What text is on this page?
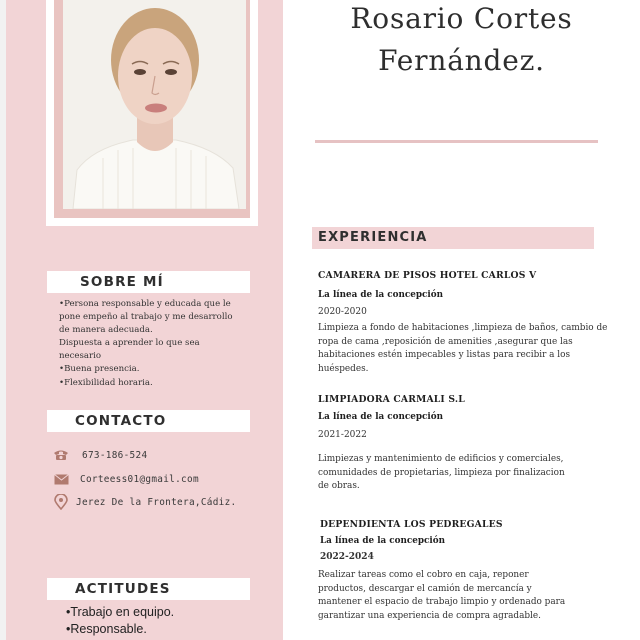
SOBRE MÍ
•Persona responsable y educada que le
pone empeño al trabajo y me desarrollo
de manera adecuada.
Dispuesta a aprender lo que sea
necesario
•Buena presencia.
•Flexibilidad horaria.
CONTACTO
673-186-524
Corteess01@gmail.com
Jerez De la Frontera,Cádiz.
ACTITUDES
•Trabajo en equipo.
•Responsable.
Rosario Cortes
Fernández.
EXPERIENCIA
CAMARERA DE PISOS HOTEL CARLOS V
La línea de la concepción
2020-2020
Limpieza a fondo de habitaciones ,limpieza de baños, cambio de
ropa de cama ,reposición de amenities ,asegurar que las
habitaciones estén impecables y listas para recibir a los
huéspedes.
LIMPIADORA CARMALI S.L
La línea de la concepción
2021-2022
Limpiezas y mantenimiento de edificios y comerciales,
comunidades de propietarias, limpieza por finalizacion
de obras.
DEPENDIENTA LOS PEDREGALES
La línea de la concepción
2022-2024
Realizar tareas como el cobro en caja, reponer
productos, descargar el camión de mercancía y
mantener el espacio de trabajo limpio y ordenado para
garantizar una experiencia de compra agradable.
